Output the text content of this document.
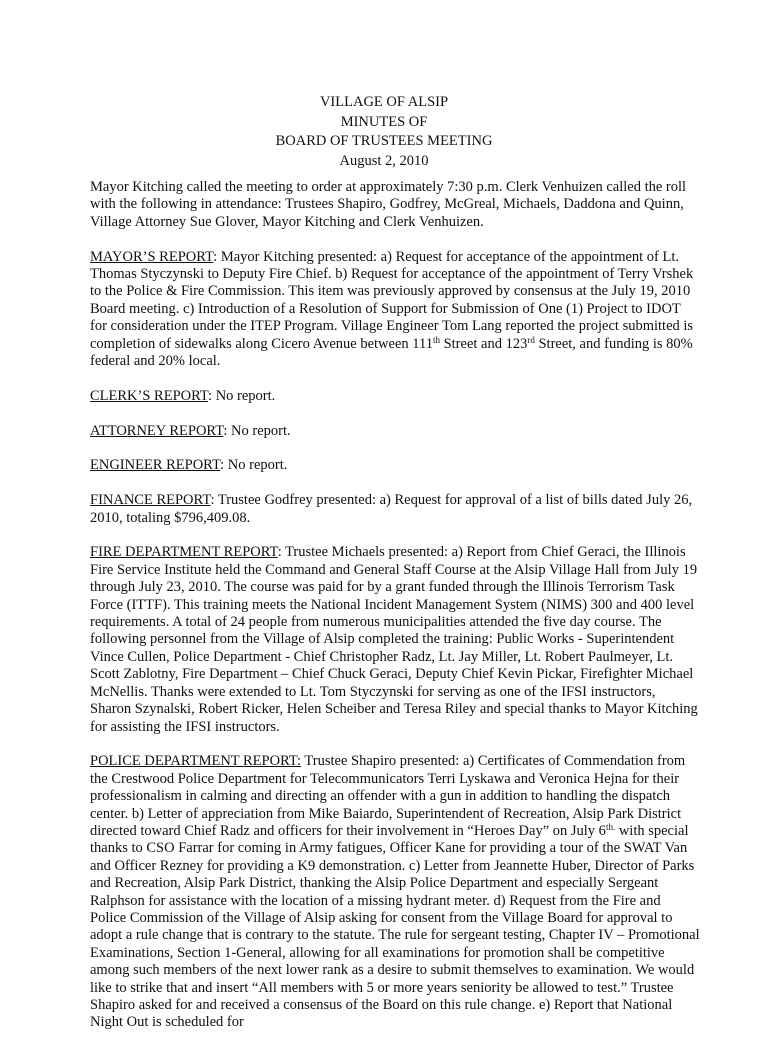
VILLAGE OF ALSIP
MINUTES OF
BOARD OF TRUSTEES MEETING
August 2, 2010

Mayor Kitching called the meeting to order at approximately 7:30 p.m. Clerk Venhuizen called the roll with the following in attendance: Trustees Shapiro, Godfrey, McGreal, Michaels, Daddona and Quinn, Village Attorney Sue Glover, Mayor Kitching and Clerk Venhuizen.

MAYOR’S REPORT: Mayor Kitching presented: a) Request for acceptance of the appointment of Lt. Thomas Styczynski to Deputy Fire Chief. b) Request for acceptance of the appointment of Terry Vrshek to the Police & Fire Commission. This item was previously approved by consensus at the July 19, 2010 Board meeting. c) Introduction of a Resolution of Support for Submission of One (1) Project to IDOT for consideration under the ITEP Program. Village Engineer Tom Lang reported the project submitted is completion of sidewalks along Cicero Avenue between 111th Street and 123rd Street, and funding is 80% federal and 20% local.

CLERK’S REPORT: No report.

ATTORNEY REPORT: No report.

ENGINEER REPORT: No report.

FINANCE REPORT: Trustee Godfrey presented: a) Request for approval of a list of bills dated July 26, 2010, totaling $796,409.08.

FIRE DEPARTMENT REPORT: Trustee Michaels presented: a) Report from Chief Geraci, the Illinois Fire Service Institute held the Command and General Staff Course at the Alsip Village Hall from July 19 through July 23, 2010. The course was paid for by a grant funded through the Illinois Terrorism Task Force (ITTF). This training meets the National Incident Management System (NIMS) 300 and 400 level requirements. A total of 24 people from numerous municipalities attended the five day course. The following personnel from the Village of Alsip completed the training: Public Works - Superintendent Vince Cullen, Police Department - Chief Christopher Radz, Lt. Jay Miller, Lt. Robert Paulmeyer, Lt. Scott Zablotny, Fire Department – Chief Chuck Geraci, Deputy Chief Kevin Pickar, Firefighter Michael McNellis. Thanks were extended to Lt. Tom Styczynski for serving as one of the IFSI instructors, Sharon Szynalski, Robert Ricker, Helen Scheiber and Teresa Riley and special thanks to Mayor Kitching for assisting the IFSI instructors.

POLICE DEPARTMENT REPORT: Trustee Shapiro presented: a) Certificates of Commendation from the Crestwood Police Department for Telecommunicators Terri Lyskawa and Veronica Hejna for their professionalism in calming and directing an offender with a gun in addition to handling the dispatch center. b) Letter of appreciation from Mike Baiardo, Superintendent of Recreation, Alsip Park District directed toward Chief Radz and officers for their involvement in “Heroes Day” on July $6^{th.}$ with special thanks to CSO Farrar for coming in Army fatigues, Officer Kane for providing a tour of the SWAT Van and Officer Rezney for providing a K9 demonstration. c) Letter from Jeannette Huber, Director of Parks and Recreation, Alsip Park District, thanking the Alsip Police Department and especially Sergeant Ralphson for assistance with the location of a missing hydrant meter. d) Request from the Fire and Police Commission of the Village of Alsip asking for consent from the Village Board for approval to adopt a rule change that is contrary to the statute. The rule for sergeant testing, Chapter IV – Promotional Examinations, Section 1-General, allowing for all examinations for promotion shall be competitive among such members of the next lower rank as a desire to submit themselves to examination. We would like to strike that and insert “All members with 5 or more years seniority be allowed to test.” Trustee Shapiro asked for and received a consensus of the Board on this rule change. e) Report that National Night Out is scheduled for
